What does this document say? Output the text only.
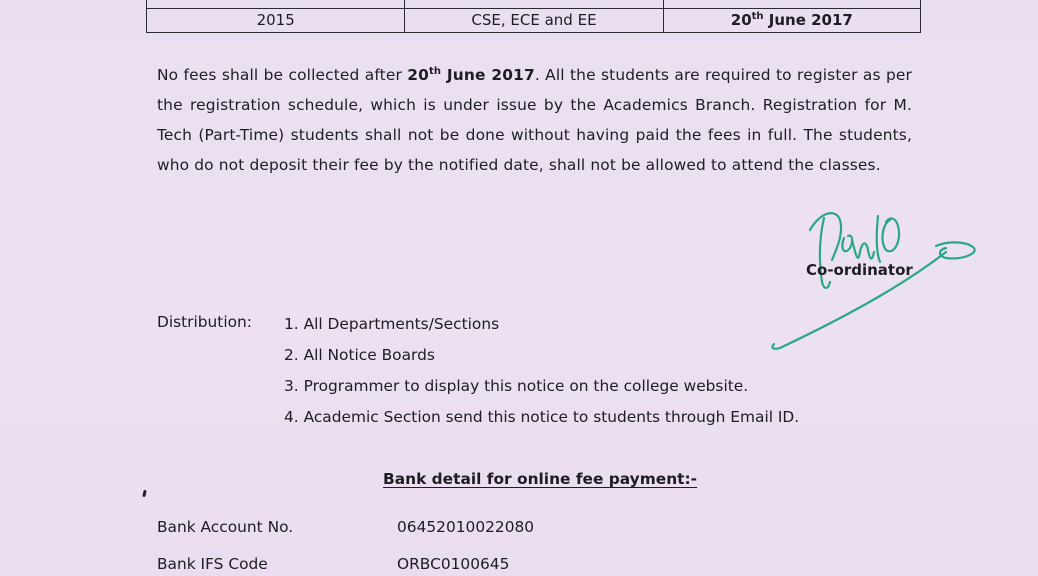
2015	CSE, ECE and EE	20th June 2017
No fees shall be collected after 20th June 2017. All the students are required to register as per the registration schedule, which is under issue by the Academics Branch. Registration for M. Tech (Part-Time) students shall not be done without having paid the fees in full. The students, who do not deposit their fee by the notified date, shall not be allowed to attend the classes.
Co-ordinator
Distribution: 1. All Departments/Sections
2. All Notice Boards
3. Programmer to display this notice on the college website.
4. Academic Section send this notice to students through Email ID.
Bank detail for online fee payment:-
Bank Account No.	06452010022080
Bank IFS Code	ORBC0100645
